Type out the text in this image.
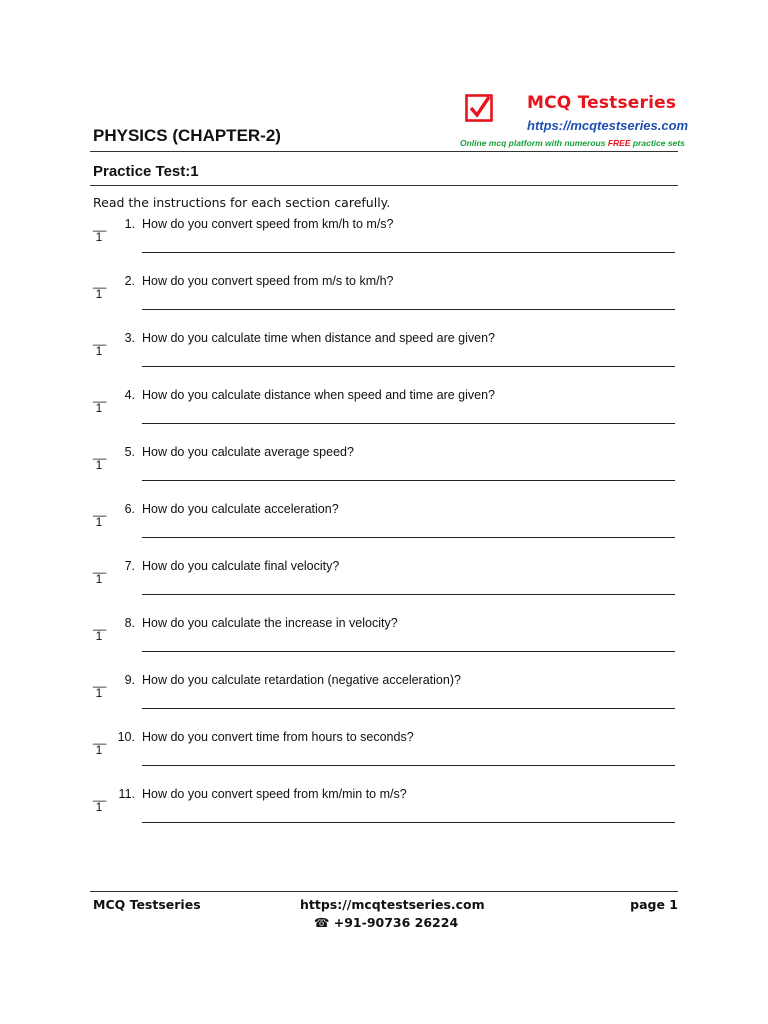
MCQ Testseries
https://mcqtestseries.com
Online mcq platform with numerous FREE practice sets
PHYSICS (CHAPTER-2)
Practice Test:1
Read the instructions for each section carefully.
__
1
1. How do you convert speed from km/h to m/s?
__
1
2. How do you convert speed from m/s to km/h?
__
1
3. How do you calculate time when distance and speed are given?
__
1
4. How do you calculate distance when speed and time are given?
__
1
5. How do you calculate average speed?
__
1
6. How do you calculate acceleration?
__
1
7. How do you calculate final velocity?
__
1
8. How do you calculate the increase in velocity?
__
1
9. How do you calculate retardation (negative acceleration)?
__
1
10. How do you convert time from hours to seconds?
__
1
11. How do you convert speed from km/min to m/s?
MCQ Testseries	https://mcqtestseries.com
☎ +91-90736 26224
page 1
